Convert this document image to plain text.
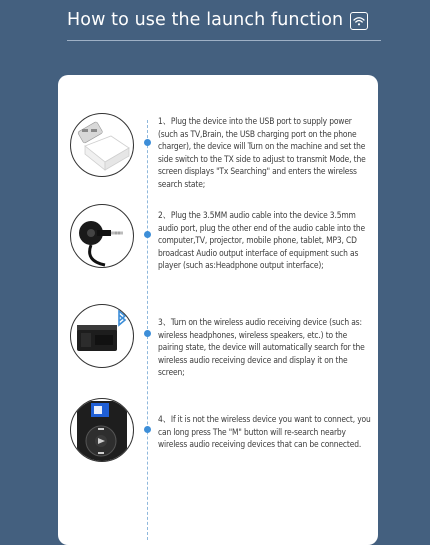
How to use the launch function
1、Plug the device into the USB port to supply power (such as TV,Brain, the USB charging port on the phone charger), the device will Turn on the machine and set the side switch to the TX side to adjust to transmit Mode, the screen displays "Tx Searching" and enters the wireless search state;
2、Plug the 3.5MM audio cable into the device 3.5mm audio port, plug the other end of the audio cable into the computer,TV, projector, mobile phone, tablet, MP3, CD broadcast Audio output interface of equipment such as player (such as:Headphone output interface);
3、Turn on the wireless audio receiving device (such as: wireless headphones, wireless speakers, etc.) to the pairing state, the device will automatically search for the wireless audio receiving device and display it on the screen;
4、If it is not the wireless device you want to connect, you can long press The "M" button will re-search nearby wireless audio receiving devices that can be connected.
